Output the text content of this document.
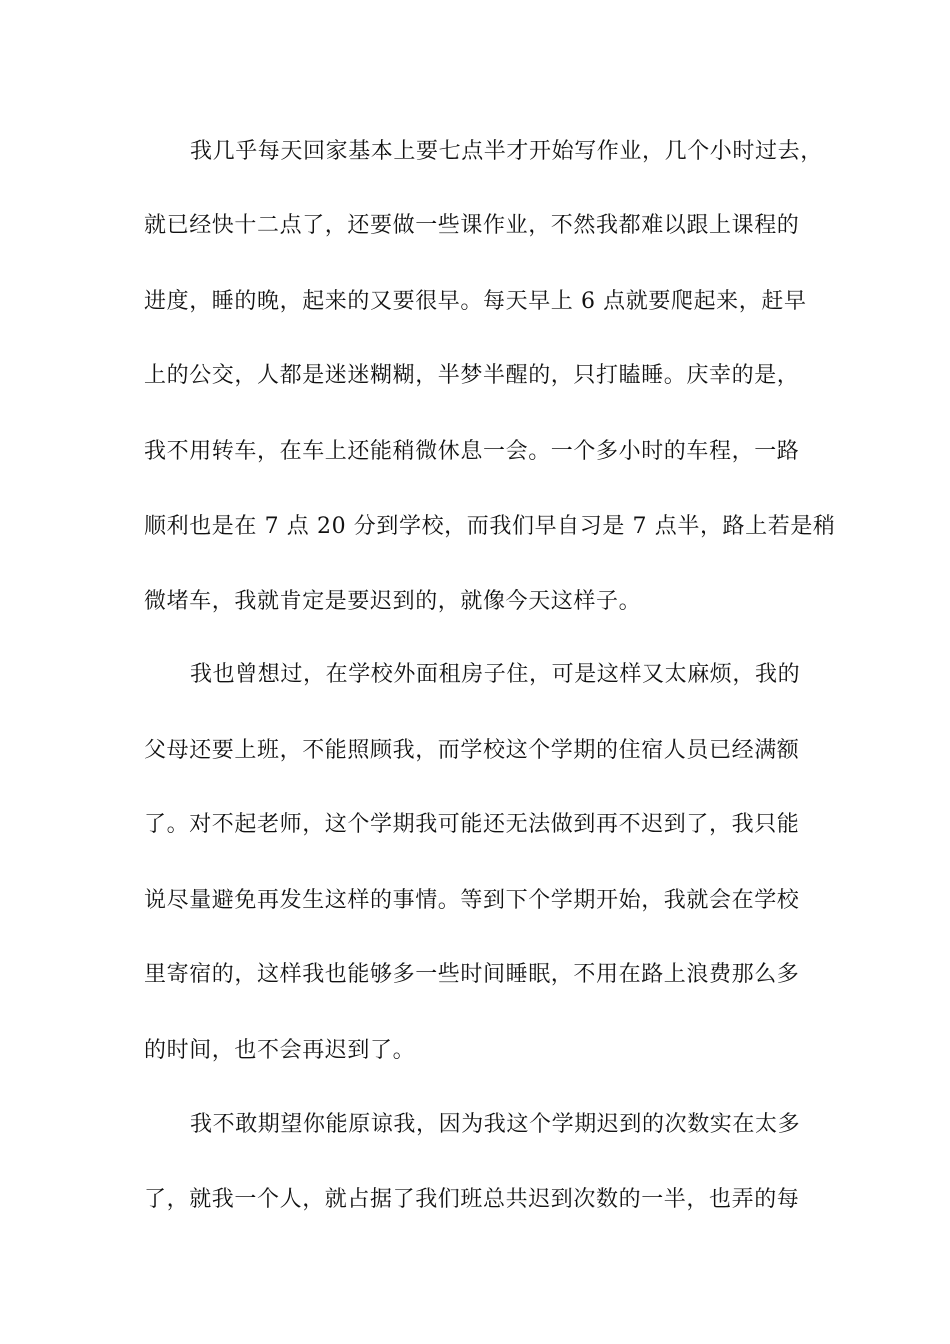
我几乎每天回家基本上要七点半才开始写作业，几个小时过去，
就已经快十二点了，还要做一些课作业，不然我都难以跟上课程的
进度，睡的晚，起来的又要很早。每天早上 6 点就要爬起来，赶早
上的公交，人都是迷迷糊糊，半梦半醒的，只打瞌睡。庆幸的是，
我不用转车，在车上还能稍微休息一会。一个多小时的车程，一路
顺利也是在 7 点 20 分到学校，而我们早自习是 7 点半，路上若是稍
微堵车，我就肯定是要迟到的，就像今天这样子。
我也曾想过，在学校外面租房子住，可是这样又太麻烦，我的
父母还要上班，不能照顾我，而学校这个学期的住宿人员已经满额
了。对不起老师，这个学期我可能还无法做到再不迟到了，我只能
说尽量避免再发生这样的事情。等到下个学期开始，我就会在学校
里寄宿的，这样我也能够多一些时间睡眠，不用在路上浪费那么多
的时间，也不会再迟到了。
我不敢期望你能原谅我，因为我这个学期迟到的次数实在太多
了，就我一个人，就占据了我们班总共迟到次数的一半，也弄的每
